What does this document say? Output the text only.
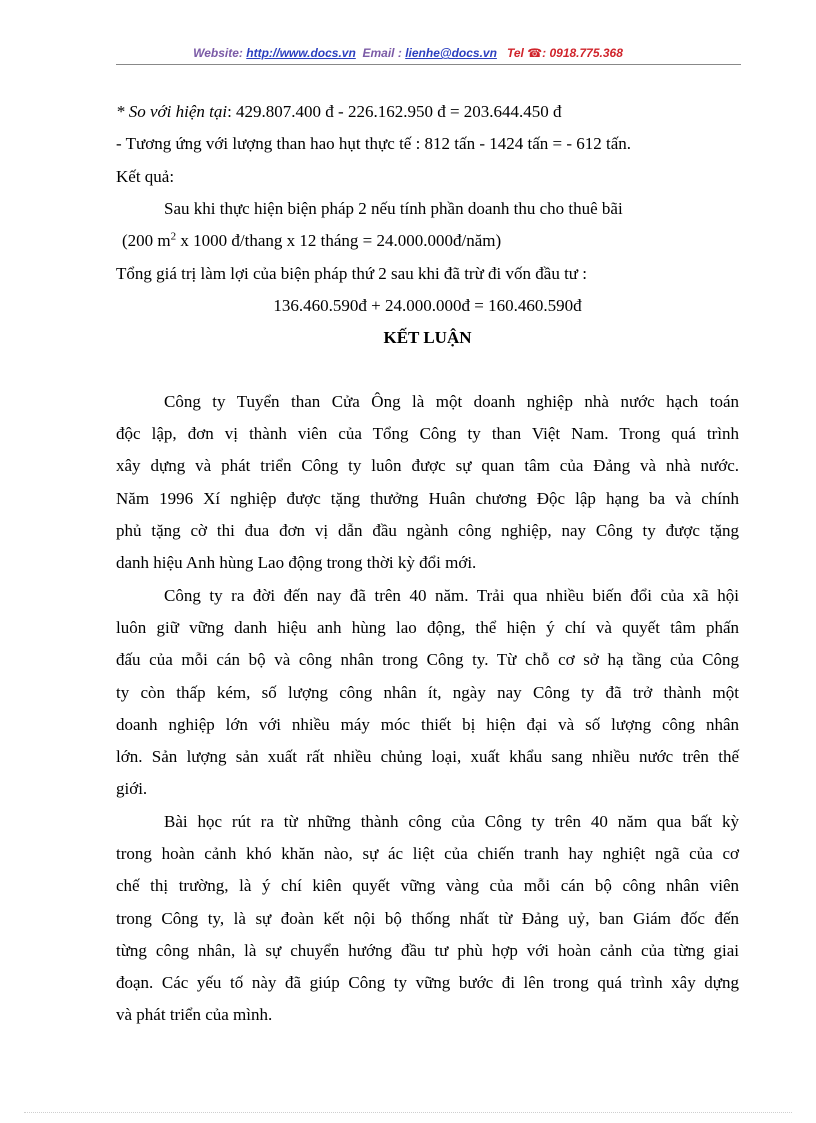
Website: http://www.docs.vn Email : lienhe@docs.vn Tel ☎: 0918.775.368
* So với hiện tại: 429.807.400 đ - 226.162.950 đ = 203.644.450 đ
- Tương ứng với lượng than hao hụt thực tế : 812 tấn - 1424 tấn = - 612 tấn.
Kết quả:
Sau khi thực hiện biện pháp 2 nếu tính phần doanh thu cho thuê bãi
(200 $m^2$ x 1000 đ/thang x 12 tháng = 24.000.000đ/năm)
Tổng giá trị làm lợi của biện pháp thứ 2 sau khi đã trừ đi vốn đầu tư :
136.460.590đ + 24.000.000đ = 160.460.590đ
KẾT LUẬN
Công ty Tuyển than Cửa Ông là một doanh nghiệp nhà nước hạch toán
độc lập, đơn vị thành viên của Tổng Công ty than Việt Nam. Trong quá trình
xây dựng và phát triển Công ty luôn được sự quan tâm của Đảng và nhà nước.
Năm 1996 Xí nghiệp được tặng thưởng Huân chương Độc lập hạng ba và chính
phủ tặng cờ thi đua đơn vị dẫn đầu ngành công nghiệp, nay Công ty được tặng
danh hiệu Anh hùng Lao động trong thời kỳ đổi mới.
Công ty ra đời đến nay đã trên 40 năm. Trải qua nhiều biến đổi của xã hội
luôn giữ vững danh hiệu anh hùng lao động, thể hiện ý chí và quyết tâm phấn
đấu của mỗi cán bộ và công nhân trong Công ty. Từ chỗ cơ sở hạ tầng của Công
ty còn thấp kém, số lượng công nhân ít, ngày nay Công ty đã trở thành một
doanh nghiệp lớn với nhiều máy móc thiết bị hiện đại và số lượng công nhân
lớn. Sản lượng sản xuất rất nhiều chủng loại, xuất khẩu sang nhiều nước trên thế
giới.
Bài học rút ra từ những thành công của Công ty trên 40 năm qua bất kỳ
trong hoàn cảnh khó khăn nào, sự ác liệt của chiến tranh hay nghiệt ngã của cơ
chế thị trường, là ý chí kiên quyết vững vàng của mỗi cán bộ công nhân viên
trong Công ty, là sự đoàn kết nội bộ thống nhất từ Đảng uỷ, ban Giám đốc đến
từng công nhân, là sự chuyển hướng đầu tư phù hợp với hoàn cảnh của từng giai
đoạn. Các yếu tố này đã giúp Công ty vững bước đi lên trong quá trình xây dựng
và phát triển của mình.
